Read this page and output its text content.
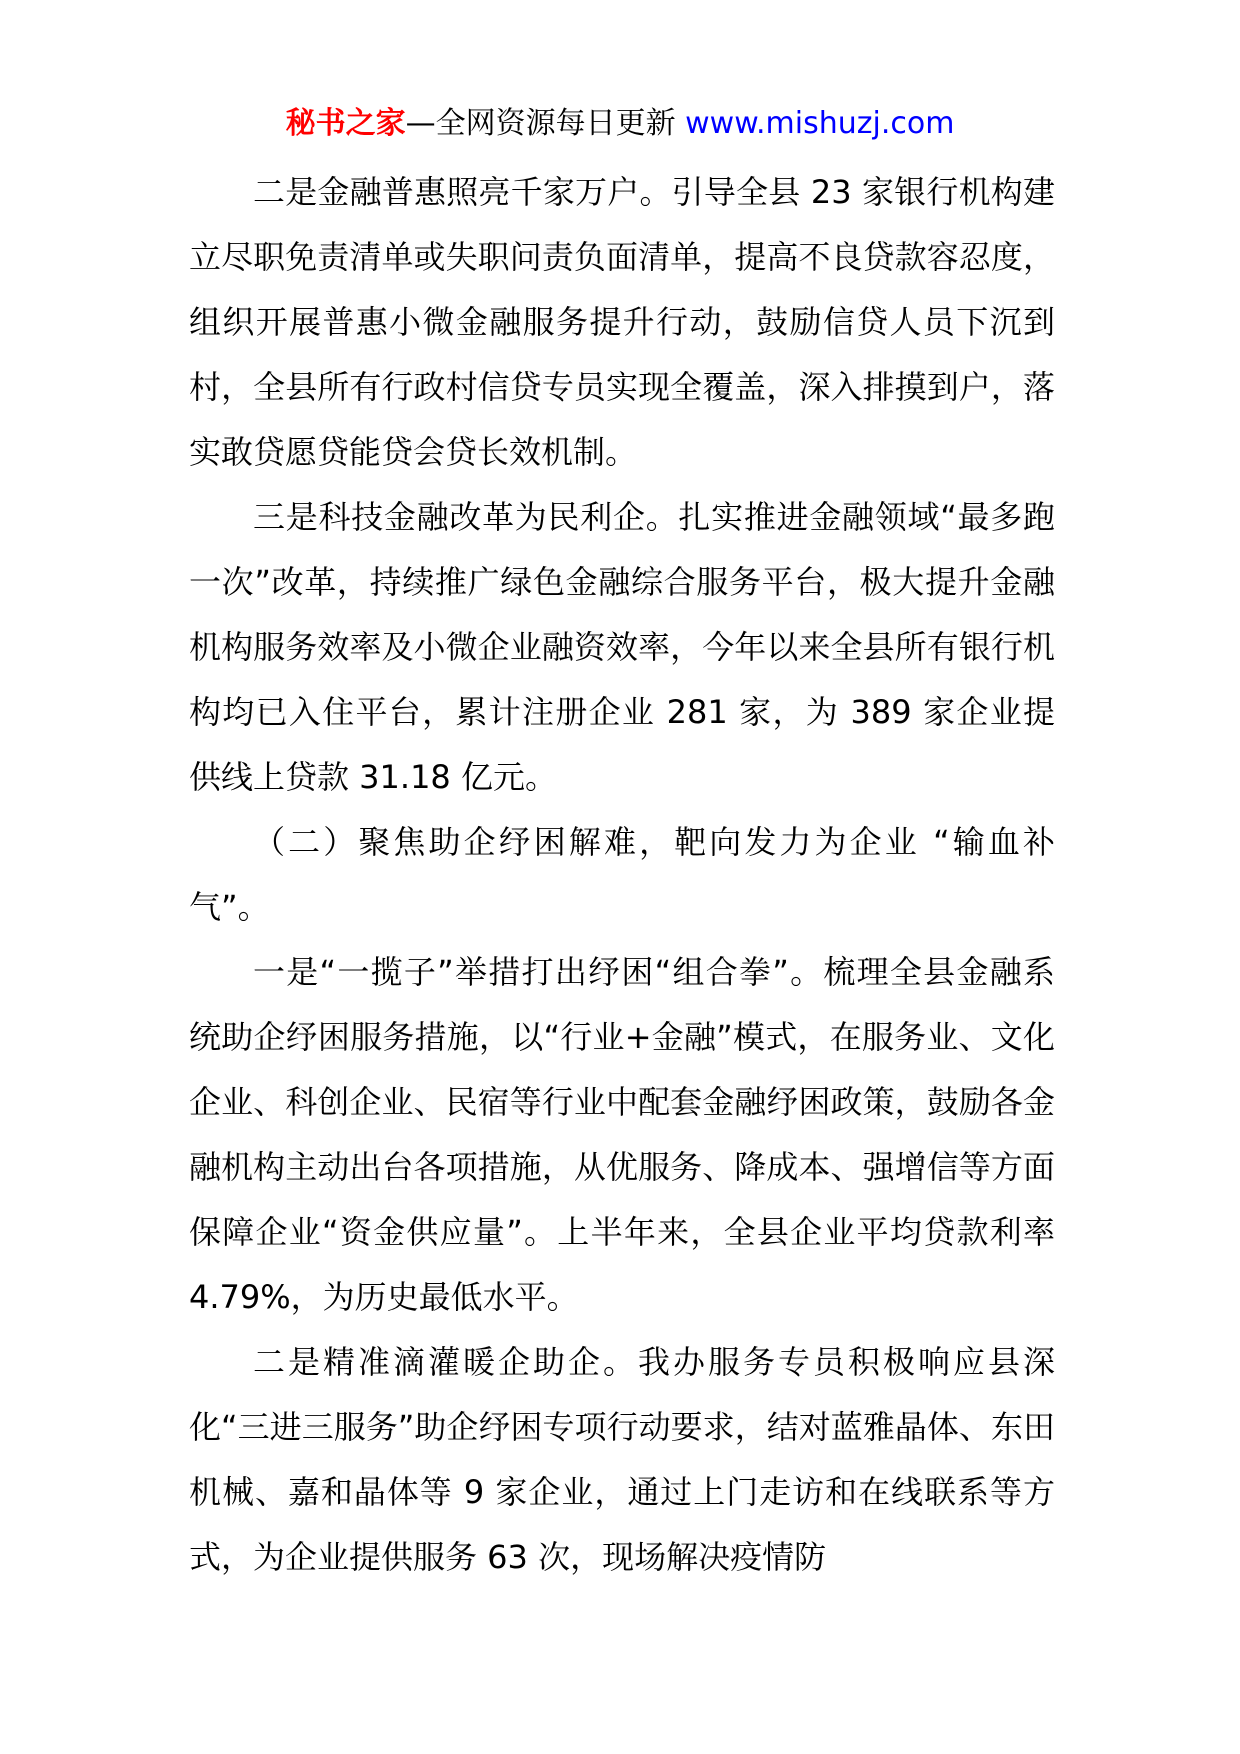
秘书之家—全网资源每日更新 www.mishuzj.com

二是金融普惠照亮千家万户。引导全县 23 家银行机构建立尽职免责清单或失职问责负面清单，提高不良贷款容忍度，组织开展普惠小微金融服务提升行动，鼓励信贷人员下沉到村，全县所有行政村信贷专员实现全覆盖，深入排摸到户，落实敢贷愿贷能贷会贷长效机制。

三是科技金融改革为民利企。扎实推进金融领域“最多跑一次”改革，持续推广绿色金融综合服务平台，极大提升金融机构服务效率及小微企业融资效率，今年以来全县所有银行机构均已入住平台，累计注册企业 281 家，为 389 家企业提供线上贷款 31.18 亿元。

（二）聚焦助企纾困解难，靶向发力为企业 “输血补气”。

一是“一揽子”举措打出纾困“组合拳”。梳理全县金融系统助企纾困服务措施，以“行业+金融”模式，在服务业、文化企业、科创企业、民宿等行业中配套金融纾困政策，鼓励各金融机构主动出台各项措施，从优服务、降成本、强增信等方面保障企业“资金供应量”。上半年来，全县企业平均贷款利率 4.79%，为历史最低水平。

二是精准滴灌暖企助企。我办服务专员积极响应县深化“三进三服务”助企纾困专项行动要求，结对蓝雅晶体、东田机械、嘉和晶体等 9 家企业，通过上门走访和在线联系等方式，为企业提供服务 63 次，现场解决疫情防
